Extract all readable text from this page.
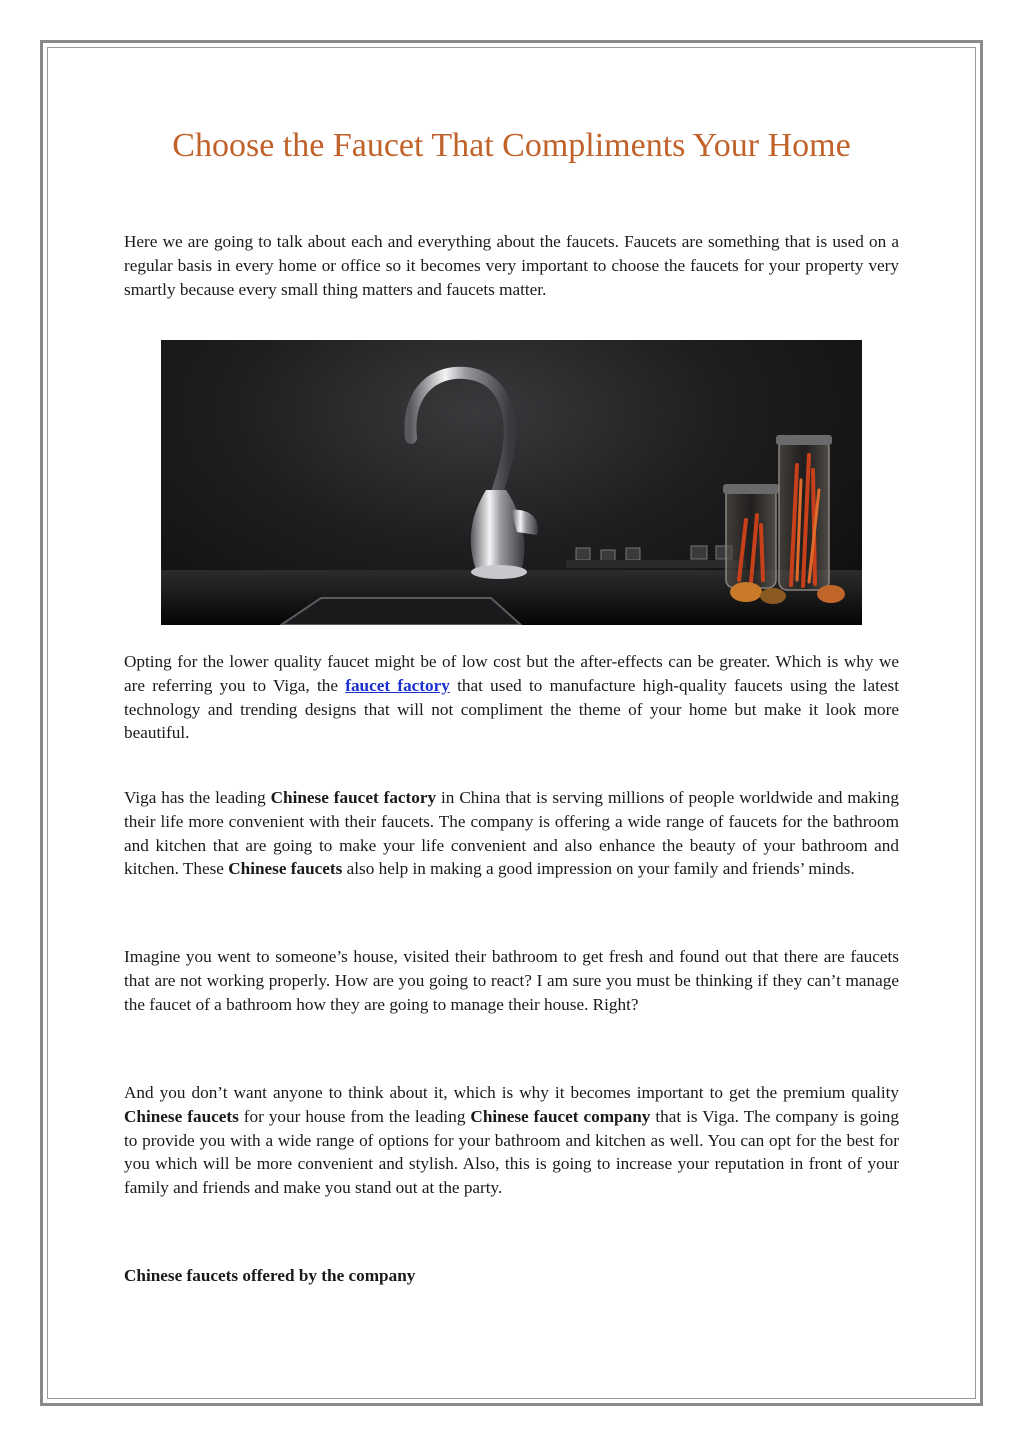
Choose the Faucet That Compliments Your Home

Here we are going to talk about each and everything about the faucets. Faucets are something that is used on a regular basis in every home or office so it becomes very important to choose the faucets for your property very smartly because every small thing matters and faucets matter.

Opting for the lower quality faucet might be of low cost but the after-effects can be greater. Which is why we are referring you to Viga, the faucet factory that used to manufacture high-quality faucets using the latest technology and trending designs that will not compliment the theme of your home but make it look more beautiful.

Viga has the leading Chinese faucet factory in China that is serving millions of people worldwide and making their life more convenient with their faucets. The company is offering a wide range of faucets for the bathroom and kitchen that are going to make your life convenient and also enhance the beauty of your bathroom and kitchen. These Chinese faucets also help in making a good impression on your family and friends’ minds.

Imagine you went to someone’s house, visited their bathroom to get fresh and found out that there are faucets that are not working properly. How are you going to react? I am sure you must be thinking if they can’t manage the faucet of a bathroom how they are going to manage their house. Right?

And you don’t want anyone to think about it, which is why it becomes important to get the premium quality Chinese faucets for your house from the leading Chinese faucet company that is Viga. The company is going to provide you with a wide range of options for your bathroom and kitchen as well. You can opt for the best for you which will be more convenient and stylish. Also, this is going to increase your reputation in front of your family and friends and make you stand out at the party.

Chinese faucets offered by the company
